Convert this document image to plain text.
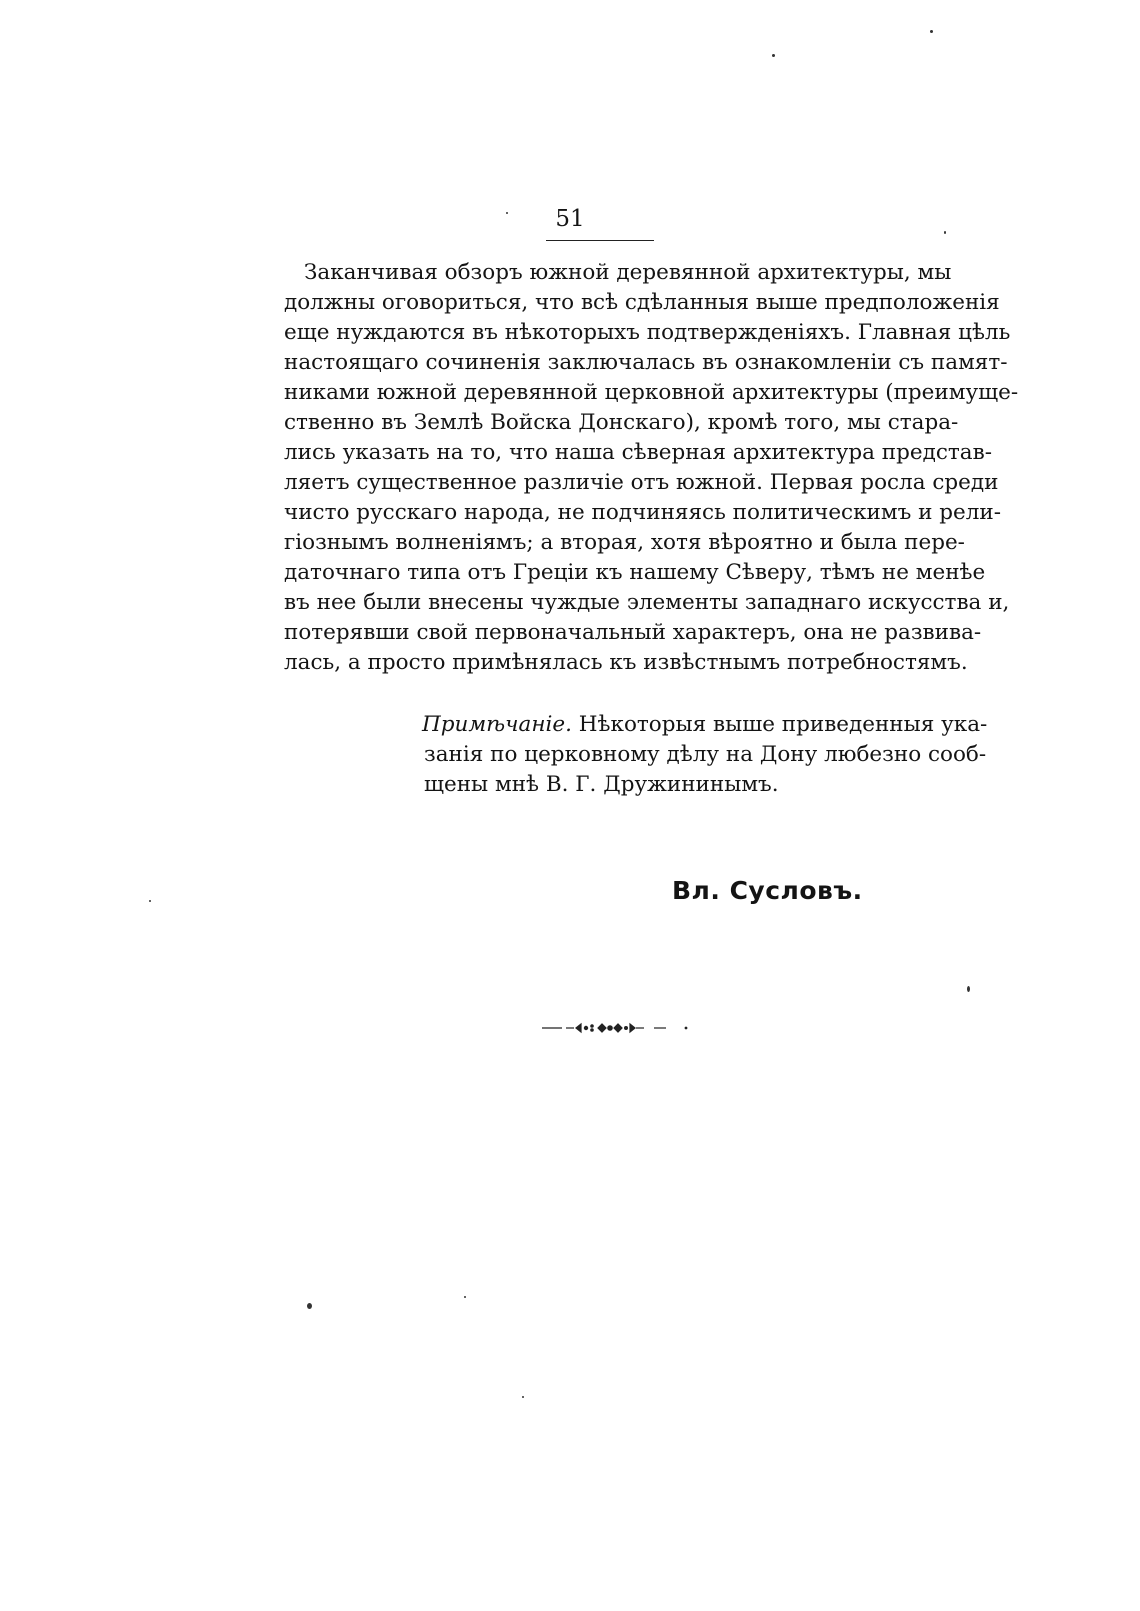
51
Заканчивая обзоръ южной деревянной архитектуры, мы
должны оговориться, что всѣ сдѣланныя выше предположенія
еще нуждаются въ нѣкоторыхъ подтвержденіяхъ. Главная цѣль
настоящаго сочиненія заключалась въ ознакомленіи съ памят-
никами южной деревянной церковной архитектуры (преимуще-
ственно въ Землѣ Войска Донскаго), кромѣ того, мы стара-
лись указать на то, что наша сѣверная архитектура представ-
ляетъ существенное различіе отъ южной. Первая росла среди
чисто русскаго народа, не подчиняясь политическимъ и рели-
гіознымъ волненіямъ; а вторая, хотя вѣроятно и была пере-
даточнаго типа отъ Греціи къ нашему Сѣверу, тѣмъ не менѣе
въ нее были внесены чуждые элементы западнаго искусства и,
потерявши свой первоначальный характеръ, она не развива-
лась, а просто примѣнялась къ извѣстнымъ потребностямъ.
Примѣчаніе. Нѣкоторыя выше приведенныя ука-
занія по церковному дѣлу на Дону любезно сооб-
щены мнѣ В. Г. Дружининымъ.
Вл. Сусловъ.
